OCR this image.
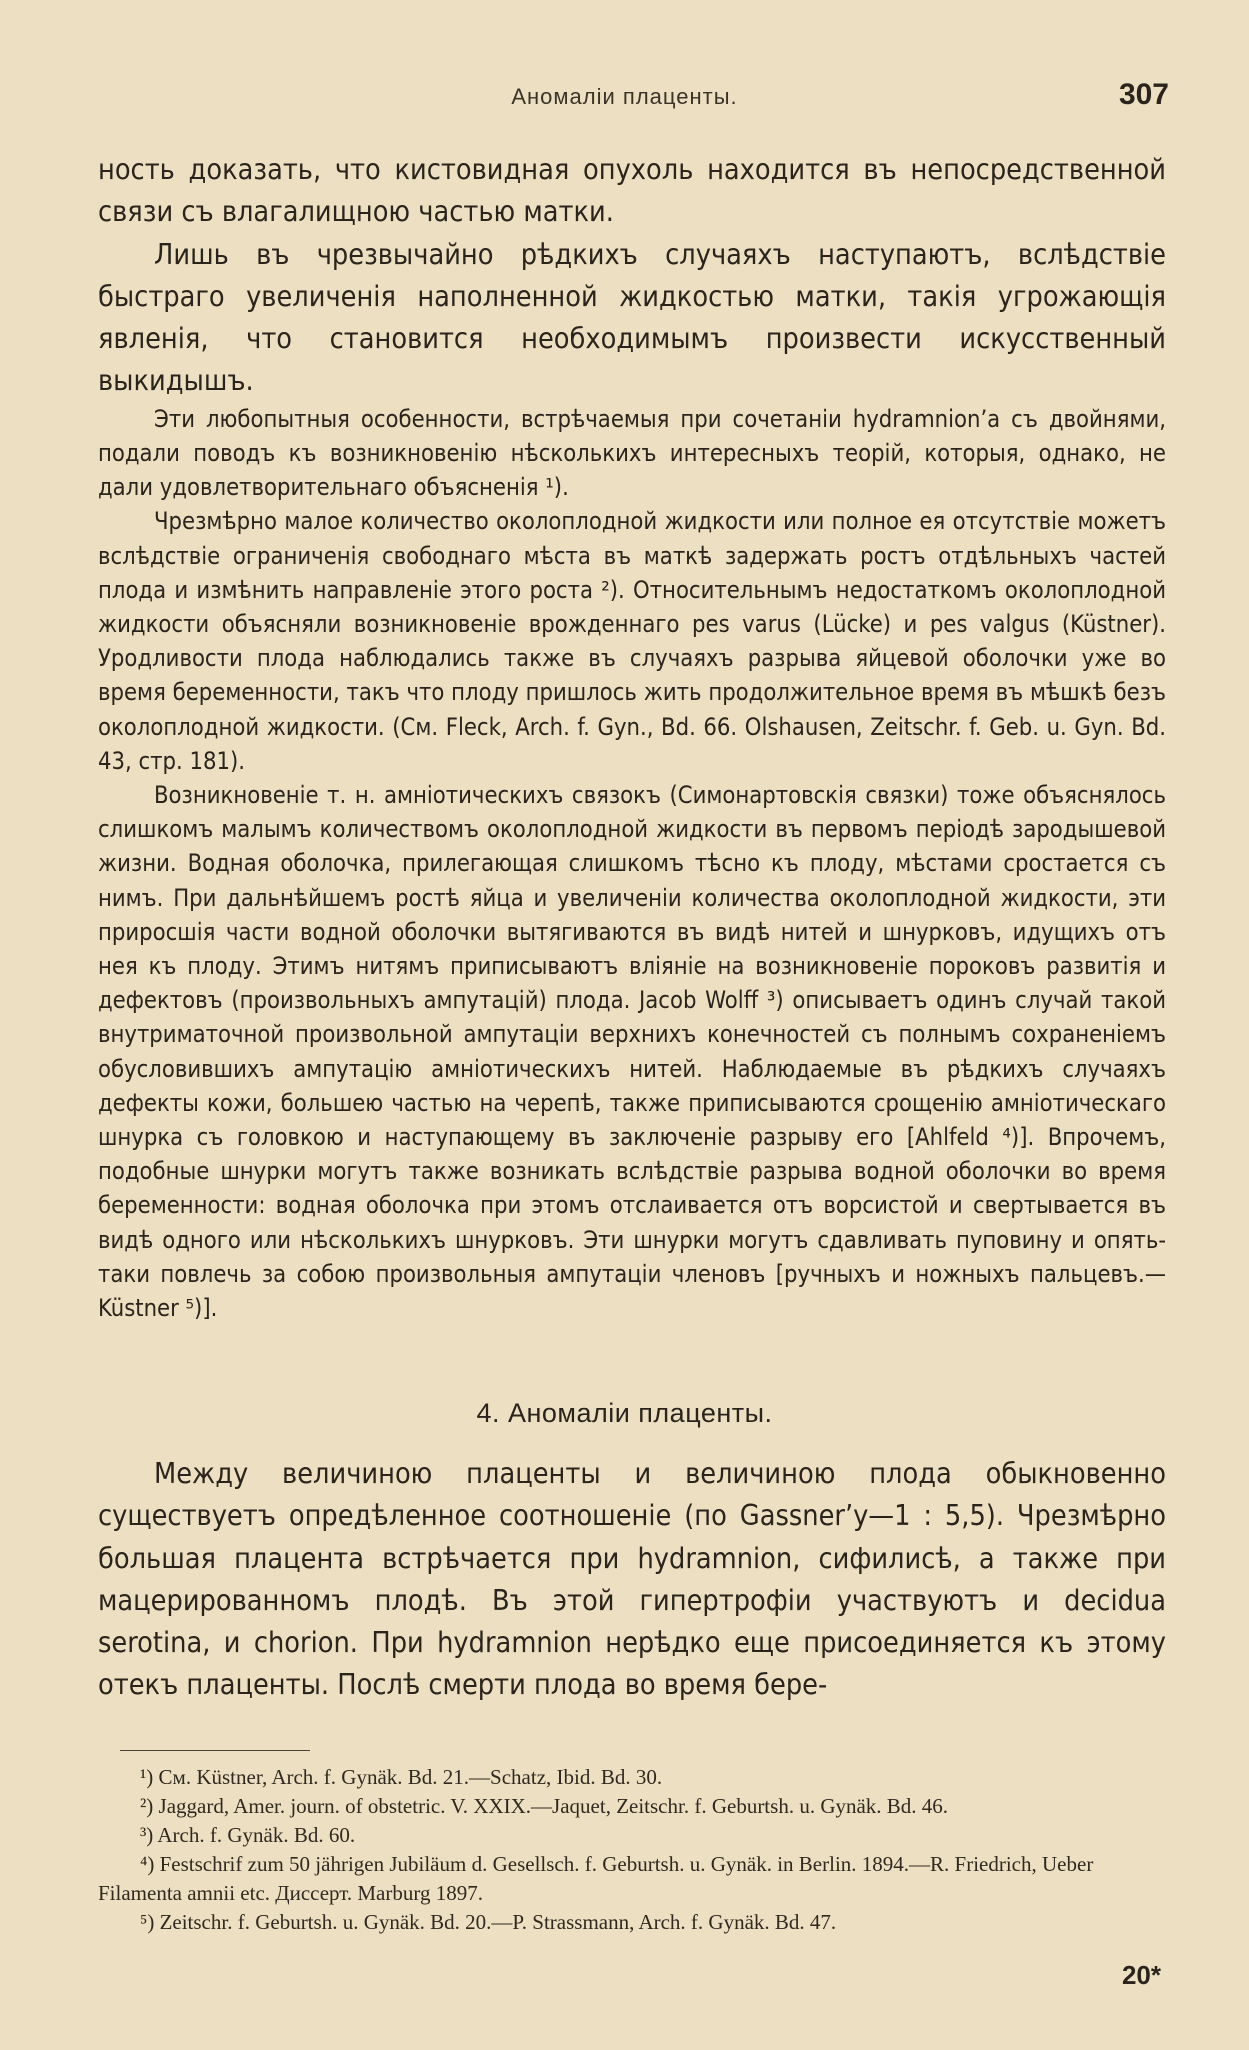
Аномаліи плаценты.	307

ность доказать, что кистовидная опухоль находится въ непосредственной связи съ влагалищною частью матки.

Лишь въ чрезвычайно рѣдкихъ случаяхъ наступаютъ, вслѣдствіе быстраго увеличенія наполненной жидкостью матки, такія угрожающія явленія, что становится необходимымъ произвести искусственный выкидышъ.

Эти любопытныя особенности, встрѣчаемыя при сочетаніи hydramnion’а съ двойнями, подали поводъ къ возникновенію нѣсколькихъ интересныхъ теорій, которыя, однако, не дали удовлетворительнаго объясненія ¹).

Чрезмѣрно малое количество околоплодной жидкости или полное ея отсутствіе можетъ вслѣдствіе ограниченія свободнаго мѣста въ маткѣ задержать ростъ отдѣльныхъ частей плода и измѣнить направленіе этого роста ²). Относительнымъ недостаткомъ околоплодной жидкости объясняли возникновеніе врожденнаго pes varus (Lücke) и pes valgus (Küstner). Уродливости плода наблюдались также въ случаяхъ разрыва яйцевой оболочки уже во время беременности, такъ что плоду пришлось жить продолжительное время въ мѣшкѣ безъ околоплодной жидкости. (См. Fleck, Arch. f. Gyn., Bd. 66. Olshausen, Zeitschr. f. Geb. u. Gyn. Bd. 43, стр. 181).

Возникновеніе т. н. амніотическихъ связокъ (Симонартовскія связки) тоже объяснялось слишкомъ малымъ количествомъ околоплодной жидкости въ первомъ періодѣ зародышевой жизни. Водная оболочка, прилегающая слишкомъ тѣсно къ плоду, мѣстами сростается съ нимъ. При дальнѣйшемъ ростѣ яйца и увеличеніи количества околоплодной жидкости, эти приросшія части водной оболочки вытягиваются въ видѣ нитей и шнурковъ, идущихъ отъ нея къ плоду. Этимъ нитямъ приписываютъ вліяніе на возникновеніе пороковъ развитія и дефектовъ (произвольныхъ ампутацій) плода. Jacob Wolff ³) описываетъ одинъ случай такой внутриматочной произвольной ампутаціи верхнихъ конечностей съ полнымъ сохраненіемъ обусловившихъ ампутацію амніотическихъ нитей. Наблюдаемые въ рѣдкихъ случаяхъ дефекты кожи, большею частью на черепѣ, также приписываются срощенію амніотическаго шнурка съ головкою и наступающему въ заключеніе разрыву его [Ahlfeld ⁴)]. Впрочемъ, подобные шнурки могутъ также возникать вслѣдствіе разрыва водной оболочки во время беременности: водная оболочка при этомъ отслаивается отъ ворсистой и свертывается въ видѣ одного или нѣсколькихъ шнурковъ. Эти шнурки могутъ сдавливать пуповину и опять-таки повлечь за собою произвольныя ампутаціи членовъ [ручныхъ и ножныхъ пальцевъ.—Küstner ⁵)].

4. Аномаліи плаценты.

Между величиною плаценты и величиною плода обыкновенно существуетъ опредѣленное соотношеніе (по Gassner’у—1 : 5,5). Чрезмѣрно большая плацента встрѣчается при hydramnion, сифилисѣ, а также при мацерированномъ плодѣ. Въ этой гипертрофіи участвуютъ и decidua serotina, и chorion. При hydramnion нерѣдко еще присоединяется къ этому отекъ плаценты. Послѣ смерти плода во время бере-

¹) См. Küstner, Arch. f. Gynäk. Bd. 21.—Schatz, Ibid. Bd. 30.

²) Jaggard, Amer. journ. of obstetric. V. XXIX.—Jaquet, Zeitschr. f. Geburtsh. u. Gynäk. Bd. 46.

³) Arch. f. Gynäk. Bd. 60.

⁴) Festschrif zum 50 jährigen Jubiläum d. Gesellsch. f. Geburtsh. u. Gynäk. in Berlin. 1894.—R. Friedrich, Ueber Filamenta amnii etc. Диссерт. Marburg 1897.

⁵) Zeitschr. f. Geburtsh. u. Gynäk. Bd. 20.—P. Strassmann, Arch. f. Gynäk. Bd. 47.

20*
